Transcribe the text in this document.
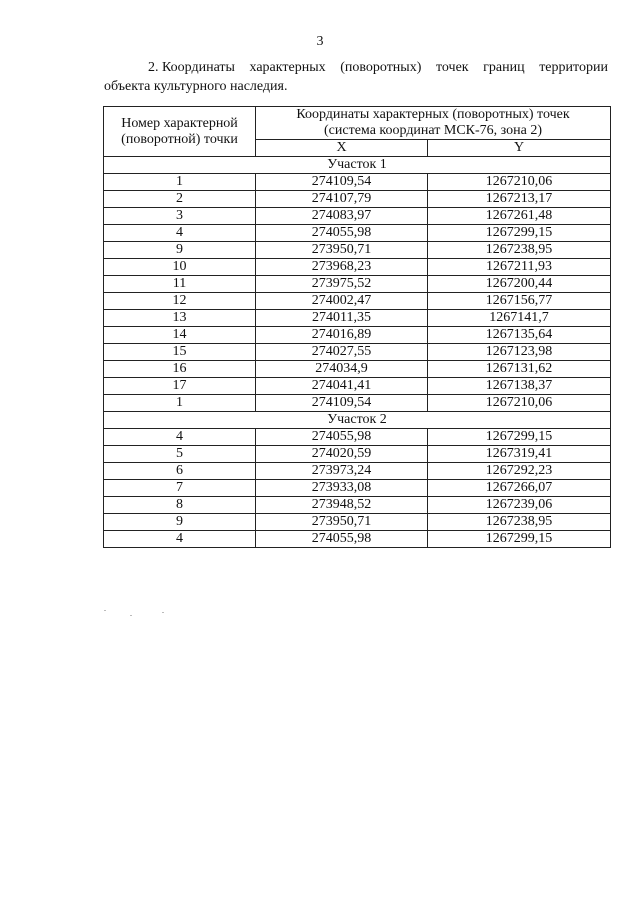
3
2. Координаты характерных (поворотных) точек границ территории
объекта культурного наследия.
Номер характерной (поворотной) точки	Координаты характерных (поворотных) точек
(система координат МСК-76, зона 2)	

	X	Y
Участок 1		
1	274109,54	1267210,06
2	274107,79	1267213,17
3	274083,97	1267261,48
4	274055,98	1267299,15
9	273950,71	1267238,95
10	273968,23	1267211,93
11	273975,52	1267200,44
12	274002,47	1267156,77
13	274011,35	1267141,7
14	274016,89	1267135,64
15	274027,55	1267123,98
16	274034,9	1267131,62
17	274041,41	1267138,37
1	274109,54	1267210,06
Участок 2		
4	274055,98	1267299,15
5	274020,59	1267319,41
6	273973,24	1267292,23
7	273933,08	1267266,07
8	273948,52	1267239,06
9	273950,71	1267238,95
4	274055,98	1267299,15
